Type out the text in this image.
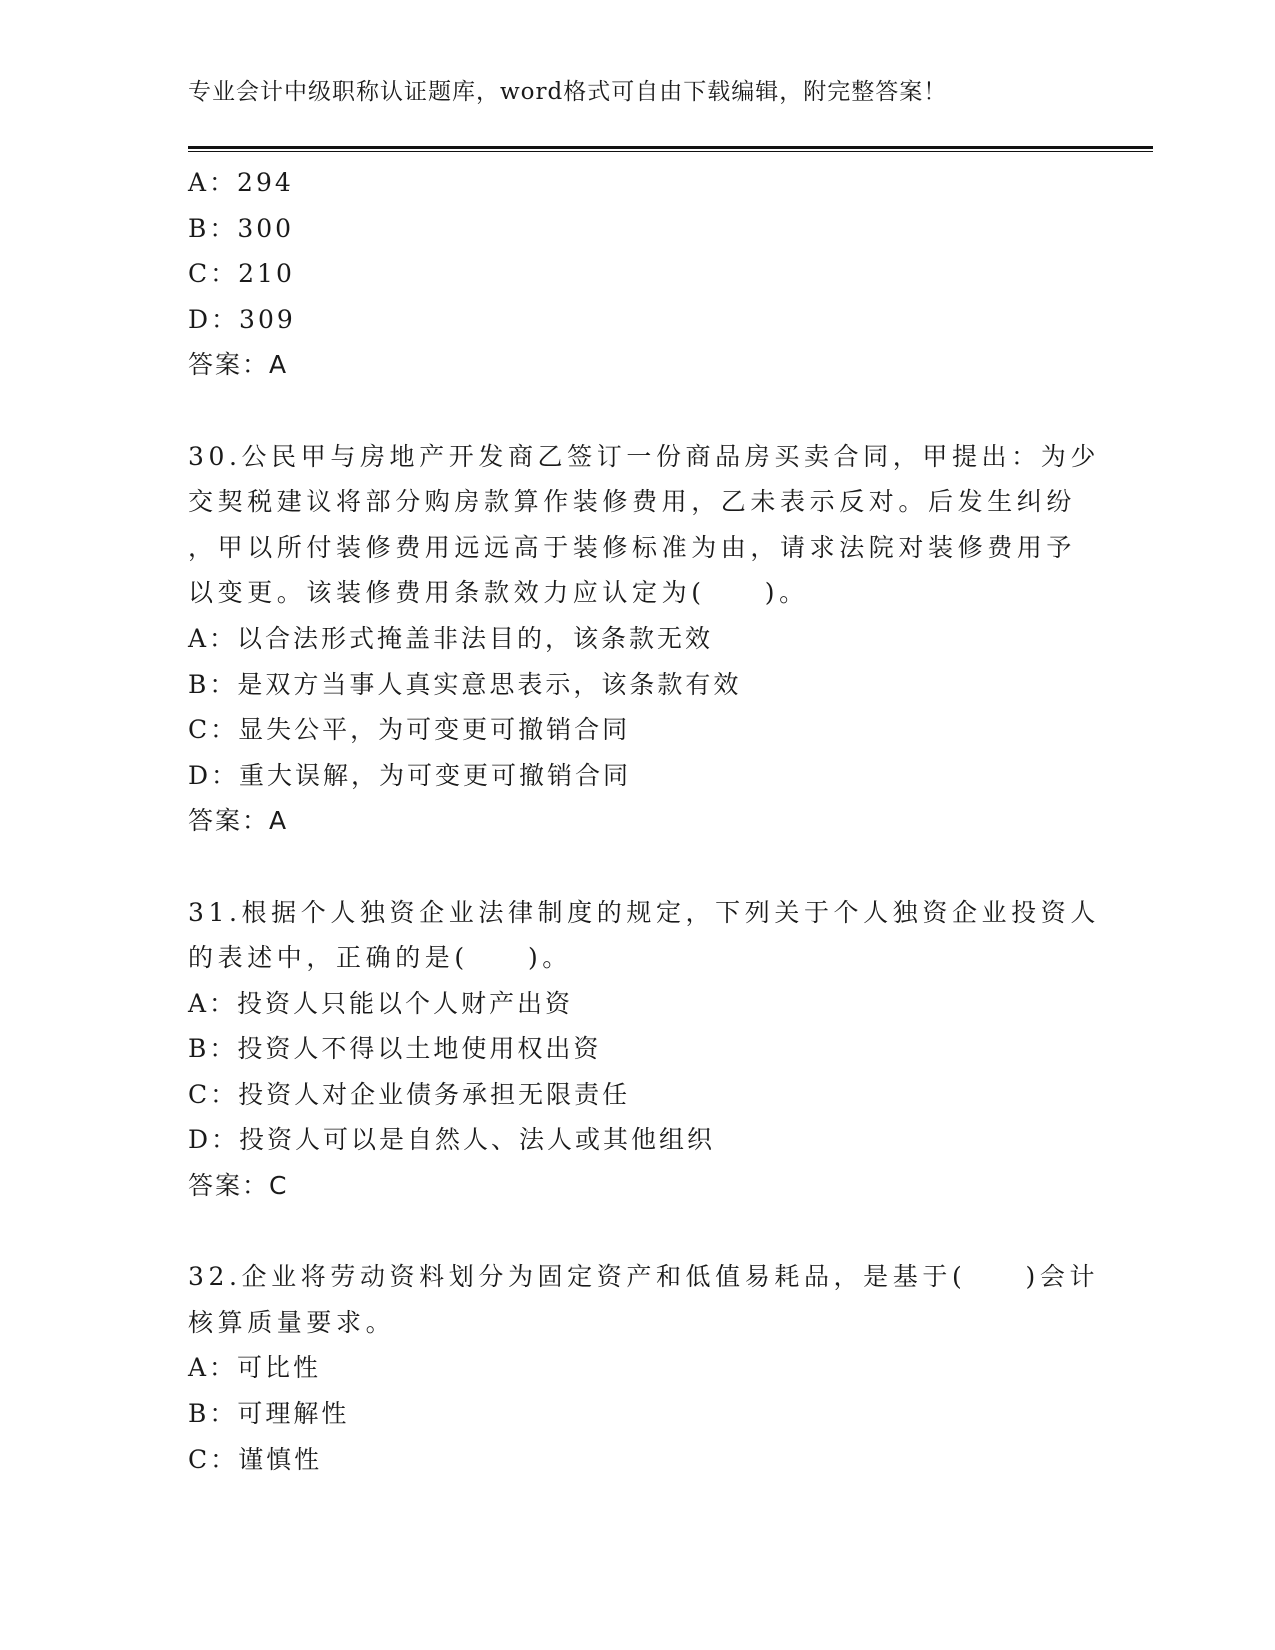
专业会计中级职称认证题库，word格式可自由下载编辑，附完整答案！
A：294
B：300
C：210
D：309
答案：A
30.公民甲与房地产开发商乙签订一份商品房买卖合同，甲提出：为少
交契税建议将部分购房款算作装修费用，乙未表示反对。后发生纠纷
，甲以所付装修费用远远高于装修标准为由，请求法院对装修费用予
以变更。该装修费用条款效力应认定为(　　)。
A：以合法形式掩盖非法目的，该条款无效
B：是双方当事人真实意思表示，该条款有效
C：显失公平，为可变更可撤销合同
D：重大误解，为可变更可撤销合同
答案：A
31.根据个人独资企业法律制度的规定，下列关于个人独资企业投资人
的表述中，正确的是(　　)。
A：投资人只能以个人财产出资
B：投资人不得以土地使用权出资
C：投资人对企业债务承担无限责任
D：投资人可以是自然人、法人或其他组织
答案：C
32.企业将劳动资料划分为固定资产和低值易耗品，是基于(　　)会计
核算质量要求。
A：可比性
B：可理解性
C：谨慎性
